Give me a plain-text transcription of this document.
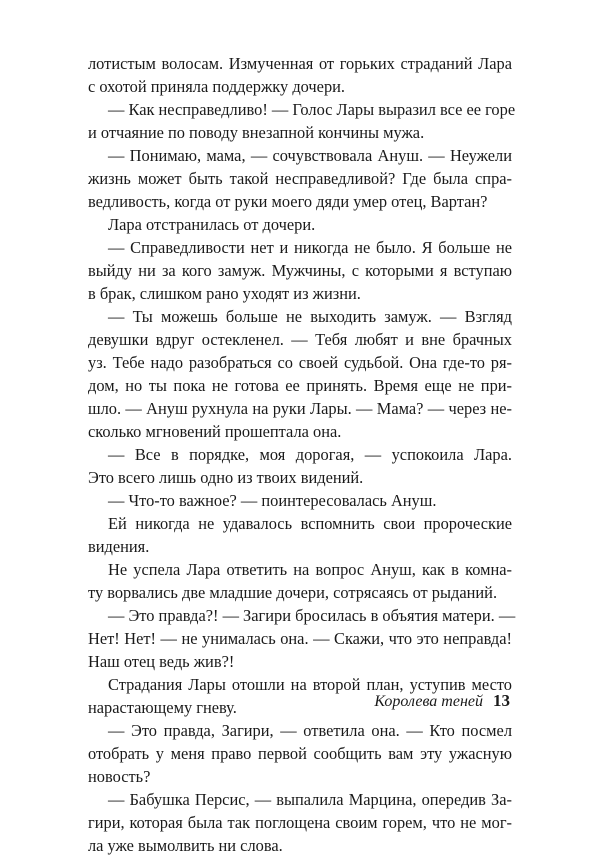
лотистым волосам. Измученная от горьких страданий Лара
с охотой приняла поддержку дочери.
— Как несправедливо! — Голос Лары выразил все ее горе
и отчаяние по поводу внезапной кончины мужа.
— Понимаю, мама, — сочувствовала Ануш. — Неужели
жизнь может быть такой несправедливой? Где была спра-
ведливость, когда от руки моего дяди умер отец, Вартан?
Лара отстранилась от дочери.
— Справедливости нет и никогда не было. Я больше не
выйду ни за кого замуж. Мужчины, с которыми я вступаю
в брак, слишком рано уходят из жизни.
— Ты можешь больше не выходить замуж. — Взгляд
девушки вдруг остекленел. — Тебя любят и вне брачных
уз. Тебе надо разобраться со своей судьбой. Она где-то ря-
дом, но ты пока не готова ее принять. Время еще не при-
шло. — Ануш рухнула на руки Лары. — Мама? — через не-
сколько мгновений прошептала она.
— Все в порядке, моя дорогая, — успокоила Лара.
Это всего лишь одно из твоих видений.
— Что-то важное? — поинтересовалась Ануш.
Ей никогда не удавалось вспомнить свои пророческие
видения.
Не успела Лара ответить на вопрос Ануш, как в комна-
ту ворвались две младшие дочери, сотрясаясь от рыданий.
— Это правда?! — Загири бросилась в объятия матери. —
Нет! Нет! — не унималась она. — Скажи, что это неправда!
Наш отец ведь жив?!
Страдания Лары отошли на второй план, уступив место
нарастающему гневу.
— Это правда, Загири, — ответила она. — Кто посмел
отобрать у меня право первой сообщить вам эту ужасную
новость?
— Бабушка Персис, — выпалила Марцина, опередив За-
гири, которая была так поглощена своим горем, что не мог-
ла уже вымолвить ни слова.
Королева теней 13
